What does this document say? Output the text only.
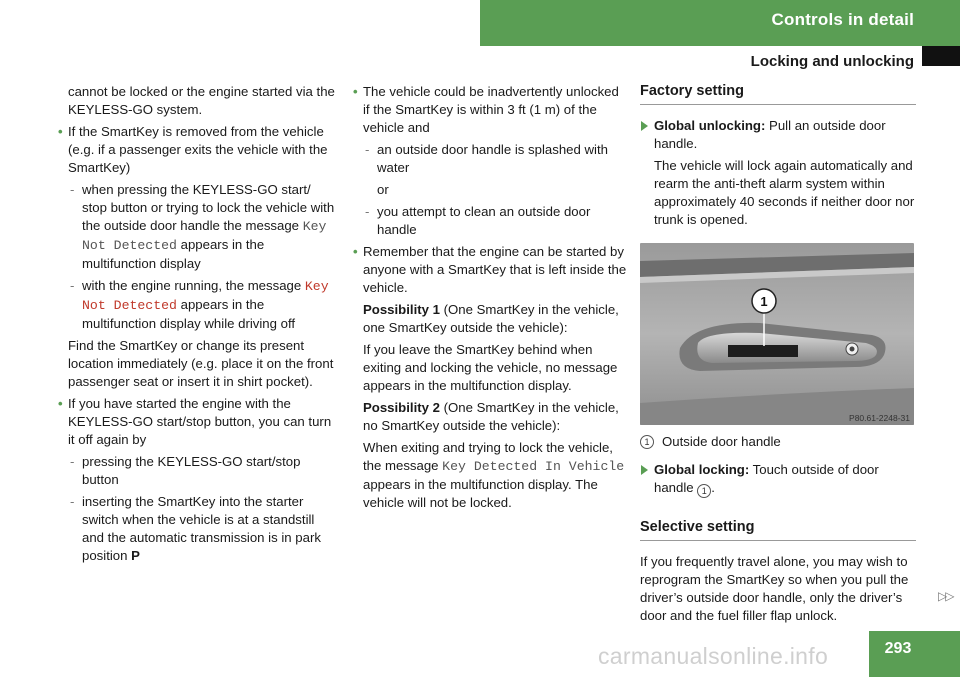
Controls in detail
Locking and unlocking

cannot be locked or the engine started via the KEYLESS-GO system.

• If the SmartKey is removed from the vehicle (e.g. if a passenger exits the vehicle with the SmartKey)
- when pressing the KEYLESS-GO start/ stop button or trying to lock the vehicle with the outside door handle the message Key Not Detected appears in the multifunction display
- with the engine running, the message Key Not Detected appears in the multifunction display while driving off

Find the SmartKey or change its present location immediately (e.g. place it on the front passenger seat or insert it in shirt pocket).

• If you have started the engine with the KEYLESS-GO start/stop button, you can turn it off again by
- pressing the KEYLESS-GO start/stop button
- inserting the SmartKey into the starter switch when the vehicle is at a standstill and the automatic transmission is in park position P
• The vehicle could be inadvertently unlocked if the SmartKey is within 3 ft (1 m) of the vehicle and
- an outside door handle is splashed with water

or

- you attempt to clean an outside door handle
• Remember that the engine can be started by anyone with a SmartKey that is left inside the vehicle.

Possibility 1 (One SmartKey in the vehicle, one SmartKey outside the vehicle):

If you leave the SmartKey behind when exiting and locking the vehicle, no message appears in the multifunction display.

Possibility 2 (One SmartKey in the vehicle, no SmartKey outside the vehicle):

When exiting and trying to lock the vehicle, the message Key Detected In Vehicle appears in the multifunction display. The vehicle will not be locked.

Factory setting
Global unlocking: Pull an outside door handle.

The vehicle will lock again automatically and rearm the anti-theft alarm system within approximately 40 seconds if neither door nor trunk is opened.

1
P80.61-2248-31
1 Outside door handle
Global locking: Touch outside of door handle 1 .
Selective setting

If you frequently travel alone, you may wish to reprogram the SmartKey so when you pull the driver’s outside door handle, only the driver’s door and the fuel filler flap unlock.

▷▷
293
carmanualsonline.info
